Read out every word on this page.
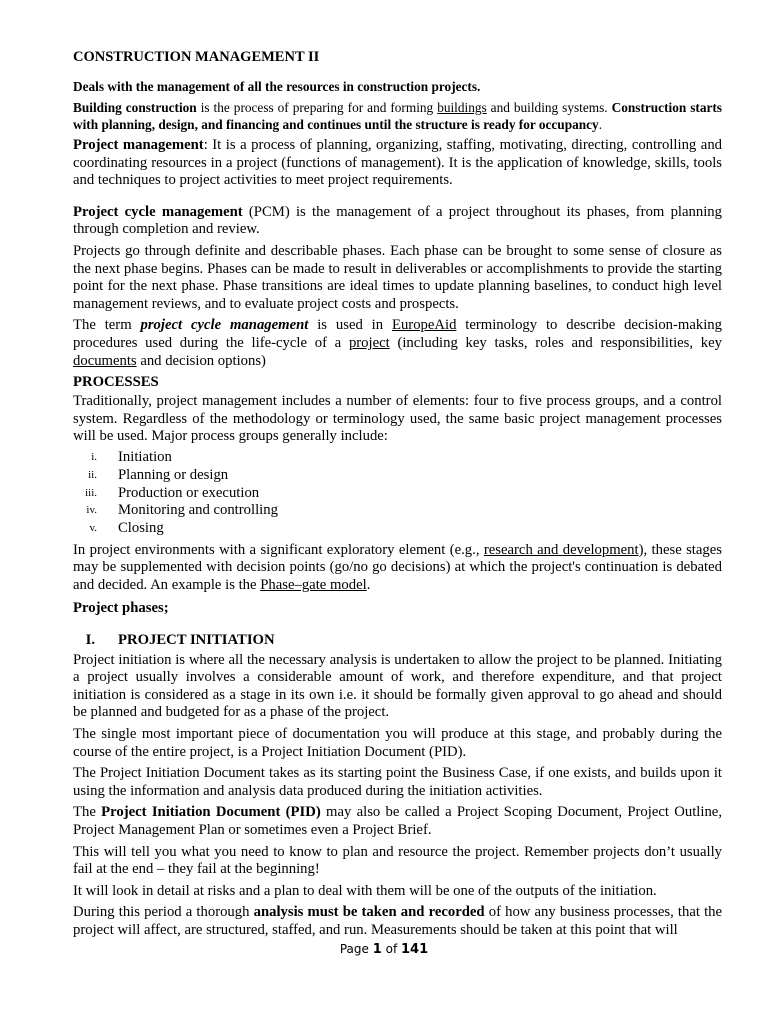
CONSTRUCTION MANAGEMENT II

Deals with the management of all the resources in construction projects.

Building construction is the process of preparing for and forming buildings and building systems. Construction starts with planning, design, and financing and continues until the structure is ready for occupancy.

Project management: It is a process of planning, organizing, staffing, motivating, directing, controlling and coordinating resources in a project (functions of management). It is the application of knowledge, skills, tools and techniques to project activities to meet project requirements.

Project cycle management (PCM) is the management of a project throughout its phases, from planning through completion and review.

Projects go through definite and describable phases. Each phase can be brought to some sense of closure as the next phase begins. Phases can be made to result in deliverables or accomplishments to provide the starting point for the next phase. Phase transitions are ideal times to update planning baselines, to conduct high level management reviews, and to evaluate project costs and prospects.

The term project cycle management is used in EuropeAid terminology to describe decision-making procedures used during the life-cycle of a project (including key tasks, roles and responsibilities, key documents and decision options)

PROCESSES

Traditionally, project management includes a number of elements: four to five process groups, and a control system. Regardless of the methodology or terminology used, the same basic project management processes will be used. Major process groups generally include:

i. Initiation
ii. Planning or design
iii. Production or execution
iv. Monitoring and controlling
v. Closing

In project environments with a significant exploratory element (e.g., research and development), these stages may be supplemented with decision points (go/no go decisions) at which the project's continuation is debated and decided. An example is the Phase–gate model.

Project phases;

I. PROJECT INITIATION

Project initiation is where all the necessary analysis is undertaken to allow the project to be planned. Initiating a project usually involves a considerable amount of work, and therefore expenditure, and that project initiation is considered as a stage in its own i.e. it should be formally given approval to go ahead and should be planned and budgeted for as a phase of the project.

The single most important piece of documentation you will produce at this stage, and probably during the course of the entire project, is a Project Initiation Document (PID).

The Project Initiation Document takes as its starting point the Business Case, if one exists, and builds upon it using the information and analysis data produced during the initiation activities.

The Project Initiation Document (PID) may also be called a Project Scoping Document, Project Outline, Project Management Plan or sometimes even a Project Brief.

This will tell you what you need to know to plan and resource the project. Remember projects don’t usually fail at the end – they fail at the beginning!

It will look in detail at risks and a plan to deal with them will be one of the outputs of the initiation.

During this period a thorough analysis must be taken and recorded of how any business processes, that the project will affect, are structured, staffed, and run. Measurements should be taken at this point that will

Page 1 of 141
